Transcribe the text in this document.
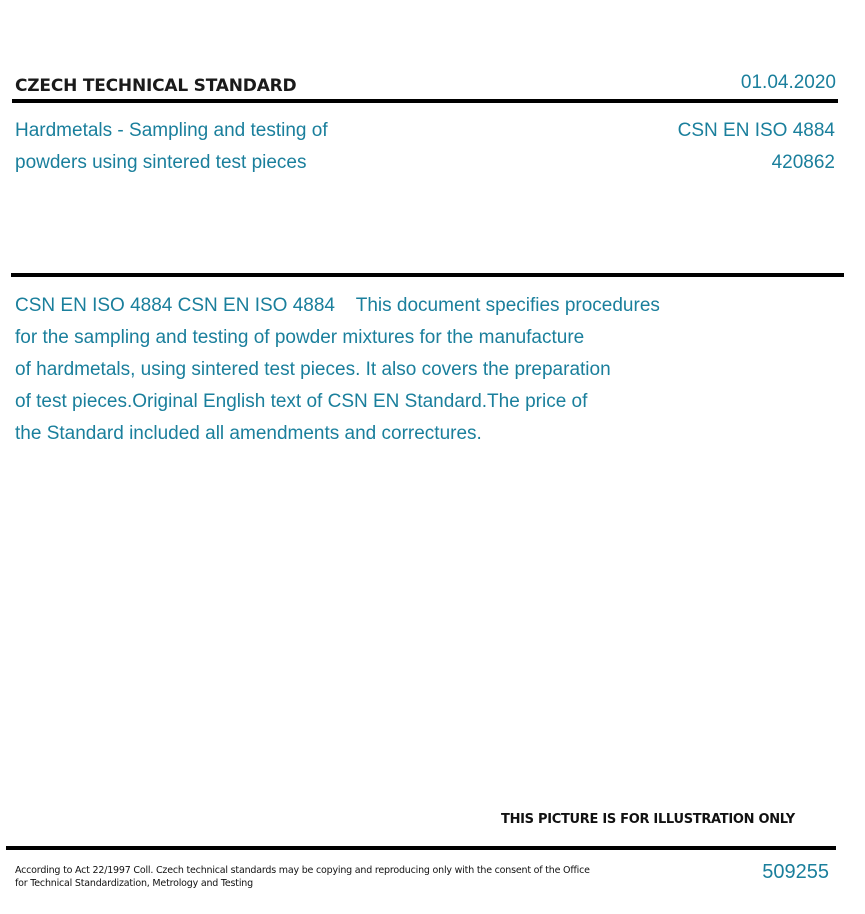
CZECH TECHNICAL STANDARD	01.04.2020
Hardmetals - Sampling and testing of
powders using sintered test pieces
CSN EN ISO 4884
420862
CSN EN ISO 4884 CSN EN ISO 4884    This document specifies procedures
for the sampling and testing of powder mixtures for the manufacture
of hardmetals, using sintered test pieces. It also covers the preparation
of test pieces.Original English text of CSN EN Standard.The price of
the Standard included all amendments and correctures.
THIS PICTURE IS FOR ILLUSTRATION ONLY
According to Act 22/1997 Coll. Czech technical standards may be copying and reproducing only with the consent of the Office
for Technical Standardization, Metrology and Testing
509255
